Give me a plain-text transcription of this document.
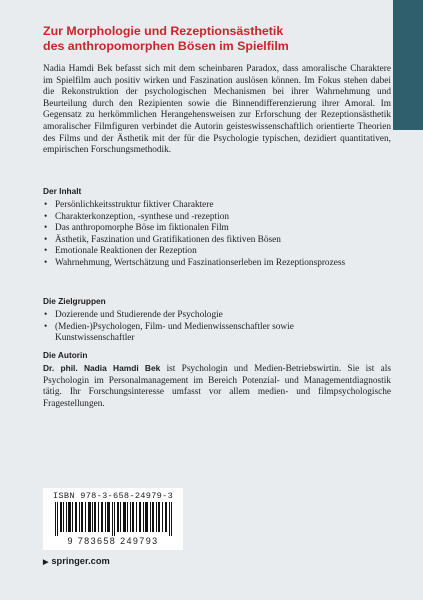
Zur Morphologie und Rezeptionsästhetik
des anthropomorphen Bösen im Spielfilm
Nadia Hamdi Bek befasst sich mit dem scheinbaren Paradox, dass amoralische Charaktere im Spielfilm auch positiv wirken und Faszination auslösen können. Im Fokus stehen dabei die Rekonstruktion der psychologischen Mechanismen bei ihrer Wahrnehmung und Beurteilung durch den Rezipienten sowie die Binnendifferenzierung ihrer Amoral. Im Gegensatz zu herkömmlichen Herangehensweisen zur Erforschung der Rezeptionsästhetik amoralischer Filmfiguren verbindet die Autorin geisteswissenschaftlich orientierte Theorien des Films und der Ästhetik mit der für die Psychologie typischen, dezidiert quantitativen, empirischen Forschungsmethodik.
Der Inhalt
• Persönlichkeitsstruktur fiktiver Charaktere
• Charakterkonzeption, -synthese und -rezeption
• Das anthropomorphe Böse im fiktionalen Film
• Ästhetik, Faszination und Gratifikationen des fiktiven Bösen
• Emotionale Reaktionen der Rezeption
• Wahrnehmung, Wertschätzung und Faszinationserleben im Rezeptionsprozess
Die Zielgruppen
• Dozierende und Studierende der Psychologie
• (Medien-)Psychologen, Film- und Medienwissenschaftler sowie Kunstwissenschaftler
Die Autorin
Dr. phil. Nadia Hamdi Bek ist Psychologin und Medien-Betriebswirtin. Sie ist als Psychologin im Personalmanagement im Bereich Potenzial- und Managementdiagnostik tätig. Ihr Forschungsinteresse umfasst vor allem medien- und filmpsychologische Fragestellungen.
ISBN 978-3-658-24979-3
9 783658 249793
▶ springer.com
